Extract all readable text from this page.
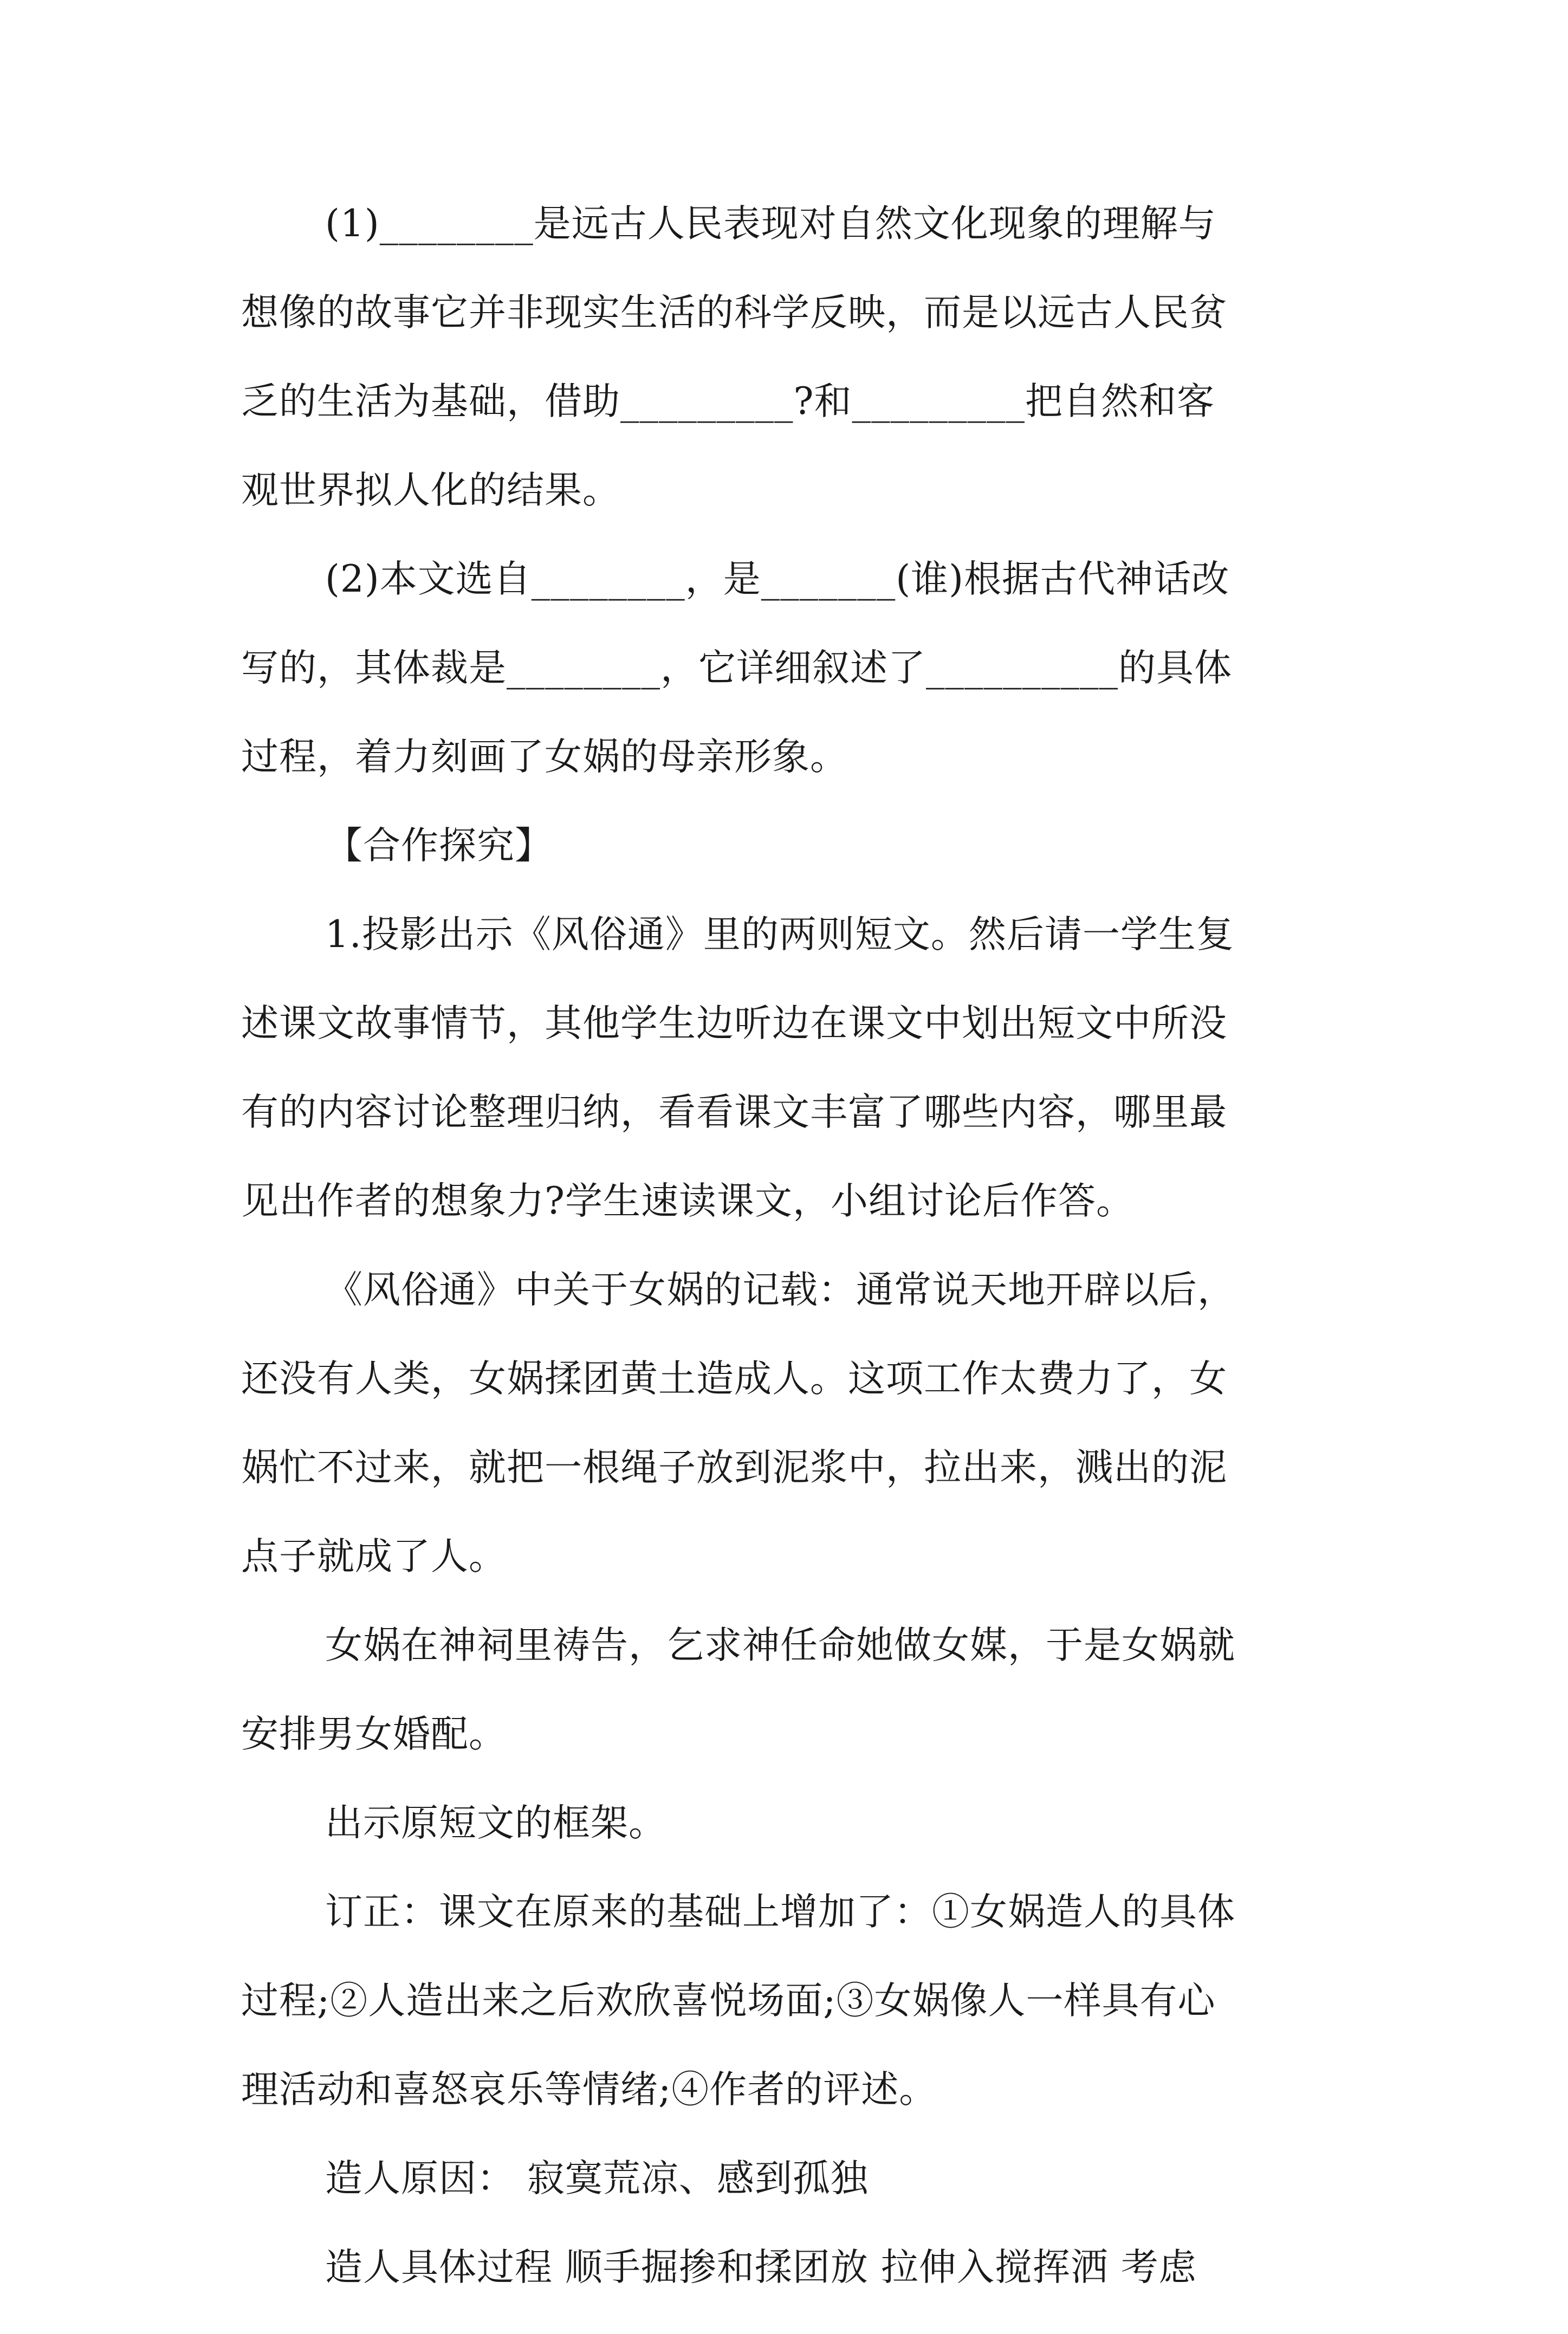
(1)________是远古人民表现对自然文化现象的理解与
想像的故事它并非现实生活的科学反映，而是以远古人民贫
乏的生活为基础，借助_________?和_________把自然和客
观世界拟人化的结果。
(2)本文选自________，是_______(谁)根据古代神话改
写的，其体裁是________，它详细叙述了__________的具体
过程，着力刻画了女娲的母亲形象。
【合作探究】
1.投影出示《风俗通》里的两则短文。然后请一学生复
述课文故事情节，其他学生边听边在课文中划出短文中所没
有的内容讨论整理归纳，看看课文丰富了哪些内容，哪里最
见出作者的想象力?学生速读课文，小组讨论后作答。
《风俗通》中关于女娲的记载：通常说天地开辟以后，
还没有人类，女娲揉团黄土造成人。这项工作太费力了，女
娲忙不过来，就把一根绳子放到泥浆中，拉出来，溅出的泥
点子就成了人。
女娲在神祠里祷告，乞求神任命她做女媒，于是女娲就
安排男女婚配。
出示原短文的框架。
订正：课文在原来的基础上增加了：①女娲造人的具体
过程;②人造出来之后欢欣喜悦场面;③女娲像人一样具有心
理活动和喜怒哀乐等情绪;④作者的评述。
造人原因： 寂寞荒凉、感到孤独
造人具体过程 顺手掘掺和揉团放 拉伸入搅挥洒 考虑
